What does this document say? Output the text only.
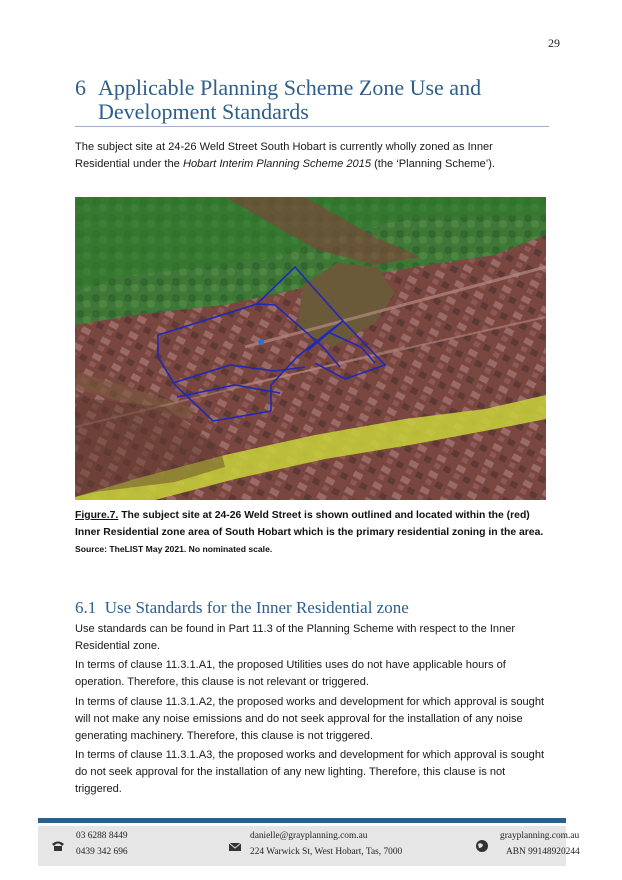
29
6 Applicable Planning Scheme Zone Use and Development Standards
The subject site at 24-26 Weld Street South Hobart is currently wholly zoned as Inner Residential under the Hobart Interim Planning Scheme 2015 (the ‘Planning Scheme’).
Figure.7. The subject site at 24-26 Weld Street is shown outlined and located within the (red) Inner Residential zone area of South Hobart which is the primary residential zoning in the area. Source: TheLIST May 2021. No nominated scale.
6.1 Use Standards for the Inner Residential zone
Use standards can be found in Part 11.3 of the Planning Scheme with respect to the Inner Residential zone.
In terms of clause 11.3.1.A1, the proposed Utilities uses do not have applicable hours of operation. Therefore, this clause is not relevant or triggered.
In terms of clause 11.3.1.A2, the proposed works and development for which approval is sought will not make any noise emissions and do not seek approval for the installation of any noise generating machinery. Therefore, this clause is not triggered.
In terms of clause 11.3.1.A3, the proposed works and development for which approval is sought do not seek approval for the installation of any new lighting. Therefore, this clause is not triggered.
03 6288 8449
0439 342 696
danielle@grayplanning.com.au
224 Warwick St, West Hobart, Tas, 7000
grayplanning.com.au
ABN 99148920244
